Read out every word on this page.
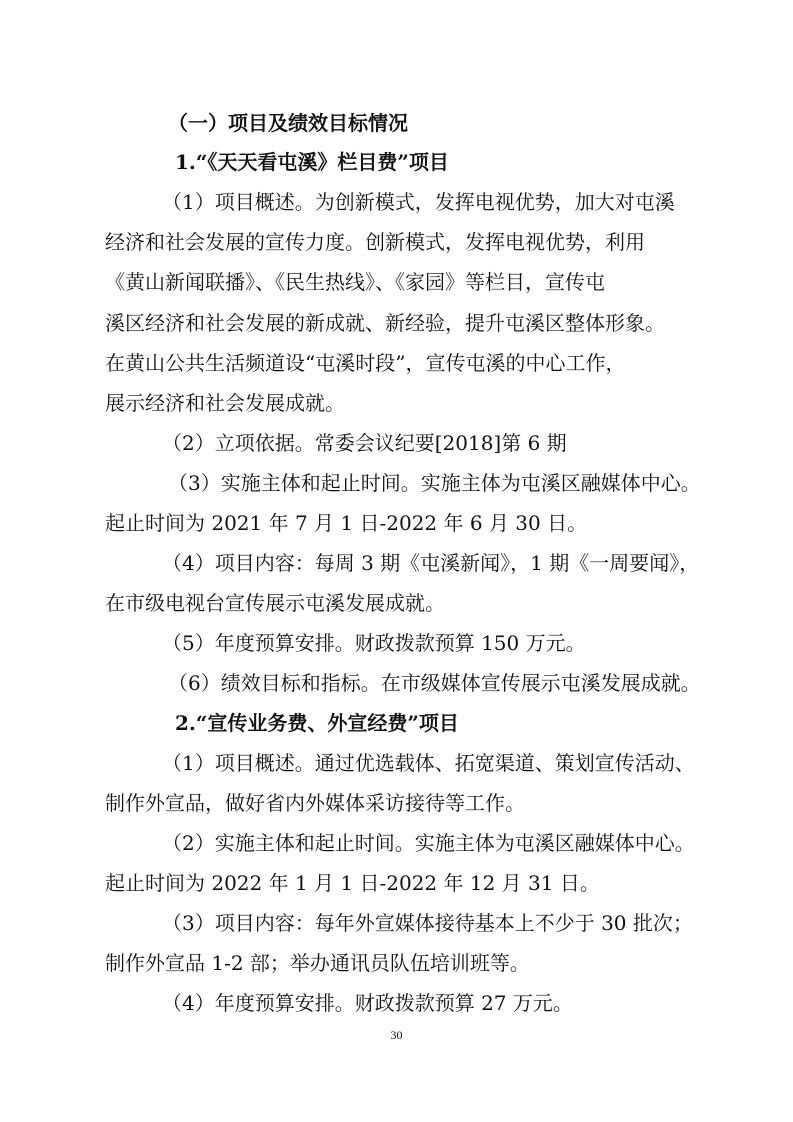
（一）项目及绩效目标情况
1.“《天天看屯溪》栏目费”项目
（1）项目概述。为创新模式，发挥电视优势，加大对屯溪
经济和社会发展的宣传力度。创新模式，发挥电视优势，利用
《黄山新闻联播》、《民生热线》、《家园》等栏目，宣传屯
溪区经济和社会发展的新成就、新经验，提升屯溪区整体形象。
在黄山公共生活频道设“屯溪时段”，宣传屯溪的中心工作，
展示经济和社会发展成就。
（2）立项依据。常委会议纪要[2018]第 6 期
（3）实施主体和起止时间。实施主体为屯溪区融媒体中心。
起止时间为 2021 年 7 月 1 日-2022 年 6 月 30 日。
（4）项目内容：每周 3 期《屯溪新闻》，1 期《一周要闻》，
在市级电视台宣传展示屯溪发展成就。
（5）年度预算安排。财政拨款预算 150 万元。
（6）绩效目标和指标。在市级媒体宣传展示屯溪发展成就。
2.“宣传业务费、外宣经费”项目
（1）项目概述。通过优选载体、拓宽渠道、策划宣传活动、
制作外宣品，做好省内外媒体采访接待等工作。
（2）实施主体和起止时间。实施主体为屯溪区融媒体中心。
起止时间为 2022 年 1 月 1 日-2022 年 12 月 31 日。
（3）项目内容：每年外宣媒体接待基本上不少于 30 批次；
制作外宣品 1-2 部；举办通讯员队伍培训班等。
（4）年度预算安排。财政拨款预算 27 万元。
30
